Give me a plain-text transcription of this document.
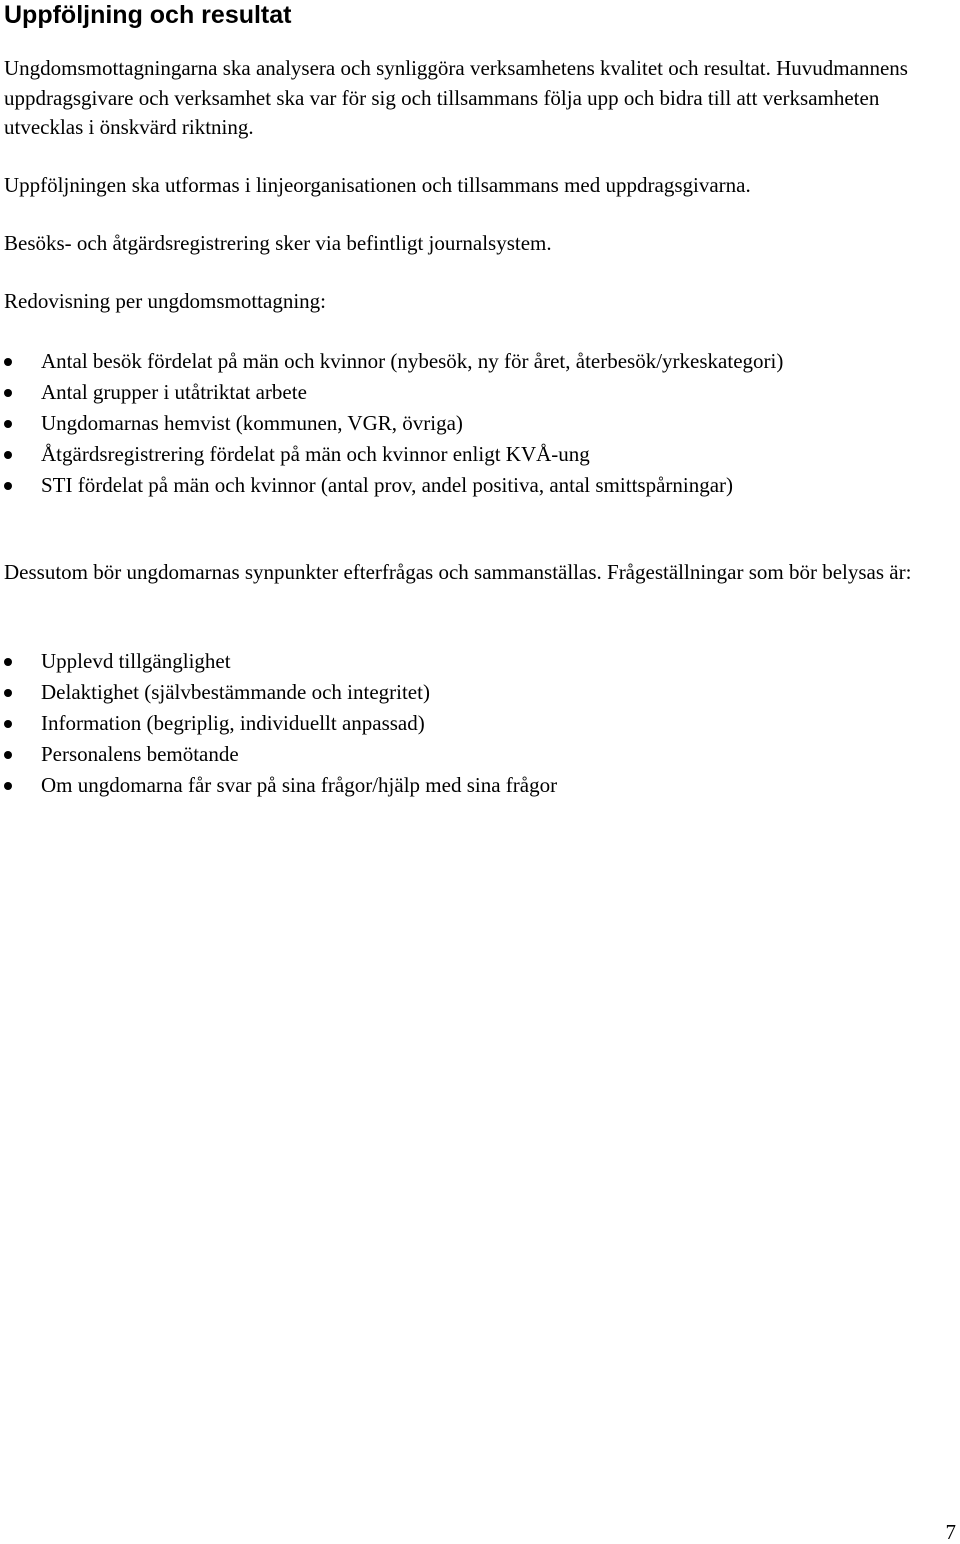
Uppföljning och resultat

Ungdomsmottagningarna ska analysera och synliggöra verksamhetens kvalitet och resultat. Huvudmannens uppdragsgivare och verksamhet ska var för sig och tillsammans följa upp och bidra till att verksamheten utvecklas i önskvärd riktning.

Uppföljningen ska utformas i linjeorganisationen och tillsammans med uppdragsgivarna.

Besöks- och åtgärdsregistrering sker via befintligt journalsystem.

Redovisning per ungdomsmottagning:

Antal besök fördelat på män och kvinnor (nybesök, ny för året, återbesök/yrkeskategori)
Antal grupper i utåtriktat arbete
Ungdomarnas hemvist (kommunen, VGR, övriga)
Åtgärdsregistrering fördelat på män och kvinnor enligt KVÅ-ung
STI fördelat på män och kvinnor (antal prov, andel positiva, antal smittspårningar)

Dessutom bör ungdomarnas synpunkter efterfrågas och sammanställas. Frågeställningar som bör belysas är:

Upplevd tillgänglighet
Delaktighet (självbestämmande och integritet)
Information (begriplig, individuellt anpassad)
Personalens bemötande
Om ungdomarna får svar på sina frågor/hjälp med sina frågor
7
